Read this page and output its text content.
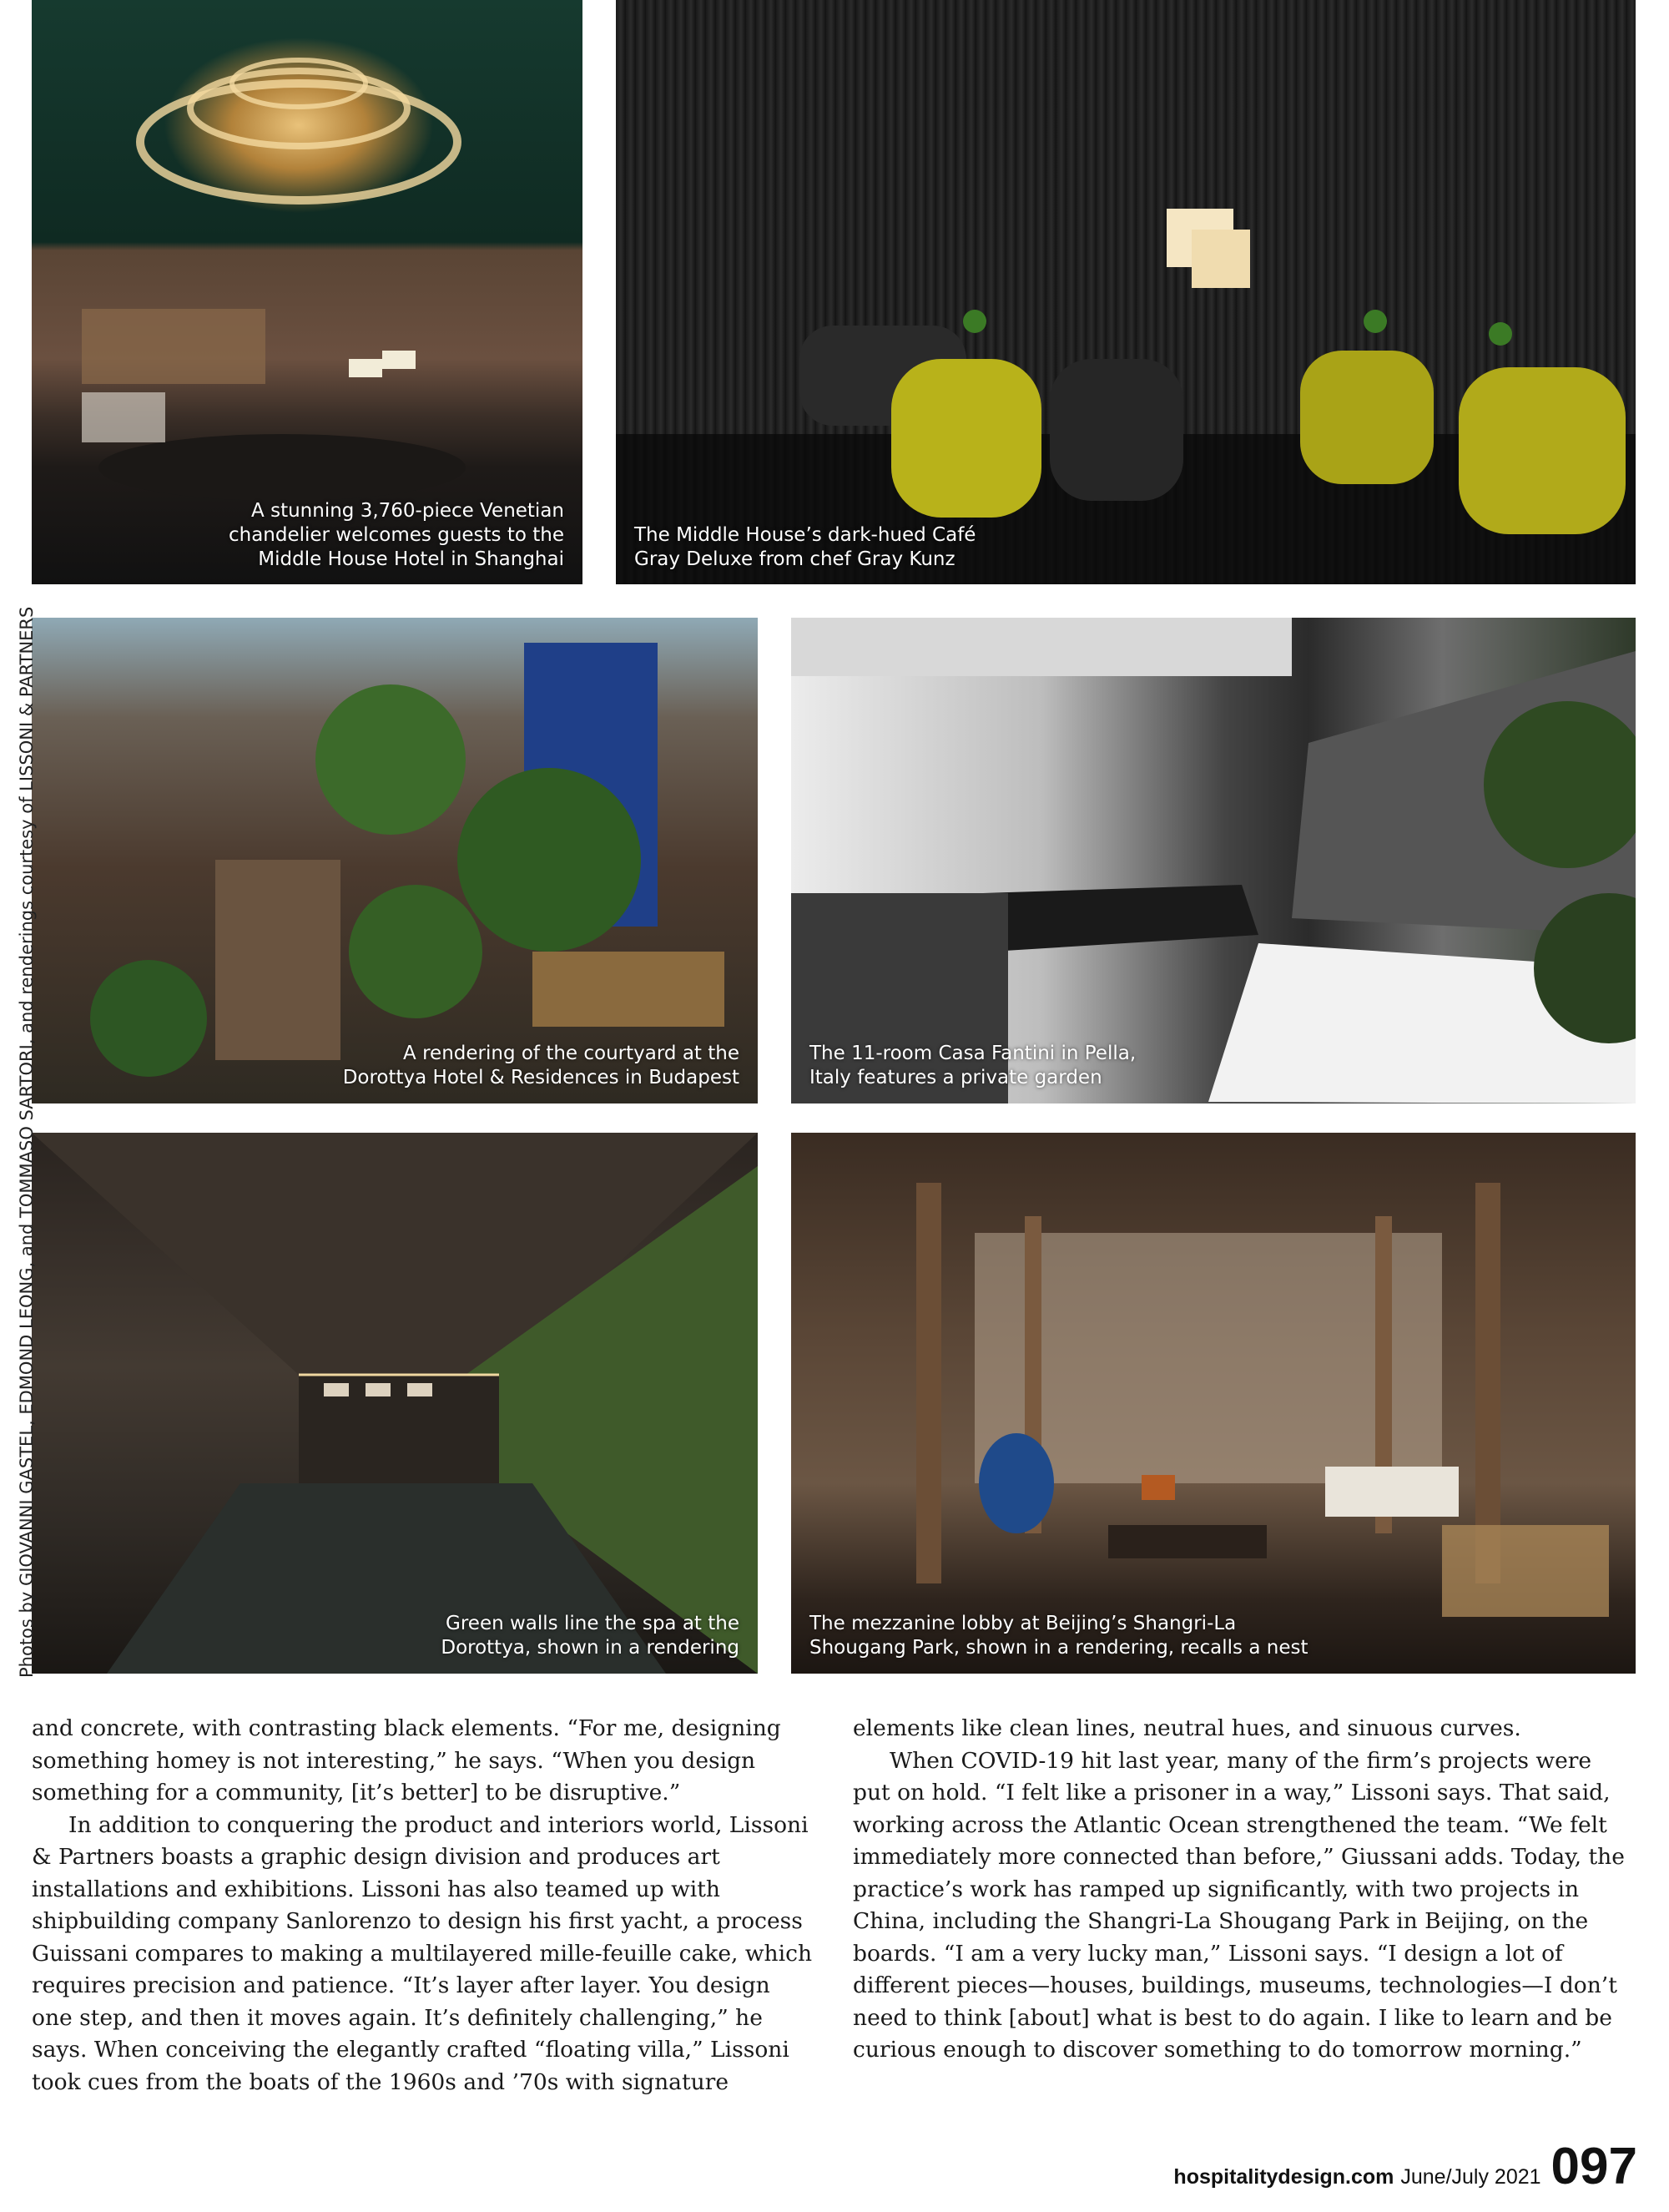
A stunning 3,760-piece Venetian
chandelier welcomes guests to the
Middle House Hotel in Shanghai
The Middle House’s dark-hued Café
Gray Deluxe from chef Gray Kunz
A rendering of the courtyard at the
Dorottya Hotel & Residences in Budapest
The 11-room Casa Fantini in Pella,
Italy features a private garden
Green walls line the spa at the
Dorottya, shown in a rendering
The mezzanine lobby at Beijing’s Shangri-La
Shougang Park, shown in a rendering, recalls a nest
Photos by GIOVANNI GASTEL, EDMOND LEONG, and TOMMASO SARTORI, and renderings courtesy of LISSONI & PARTNERS

and concrete, with contrasting black elements. “For me, designing something homey is not interesting,” he says. “When you design something for a community, [it’s better] to be disruptive.”

In addition to conquering the product and interiors world, Lissoni & Partners boasts a graphic design division and produces art installations and exhibitions. Lissoni has also teamed up with shipbuilding company Sanlorenzo to design his first yacht, a process Guissani compares to making a multilayered mille-feuille cake, which requires precision and patience. “It’s layer after layer. You design one step, and then it moves again. It’s definitely challenging,” he says. When conceiving the elegantly crafted “floating villa,” Lissoni took cues from the boats of the 1960s and ’70s with signature

elements like clean lines, neutral hues, and sinuous curves.

When COVID-19 hit last year, many of the firm’s projects were put on hold. “I felt like a prisoner in a way,” Lissoni says. That said, working across the Atlantic Ocean strengthened the team. “We felt immediately more connected than before,” Giussani adds. Today, the practice’s work has ramped up significantly, with two projects in China, including the Shangri-La Shougang Park in Beijing, on the boards. “I am a very lucky man,” Lissoni says. “I design a lot of different pieces—houses, buildings, museums, technologies—I don’t need to think [about] what is best to do again. I like to learn and be curious enough to discover something to do tomorrow morning.”

hospitalitydesign.com June/July 2021 097
